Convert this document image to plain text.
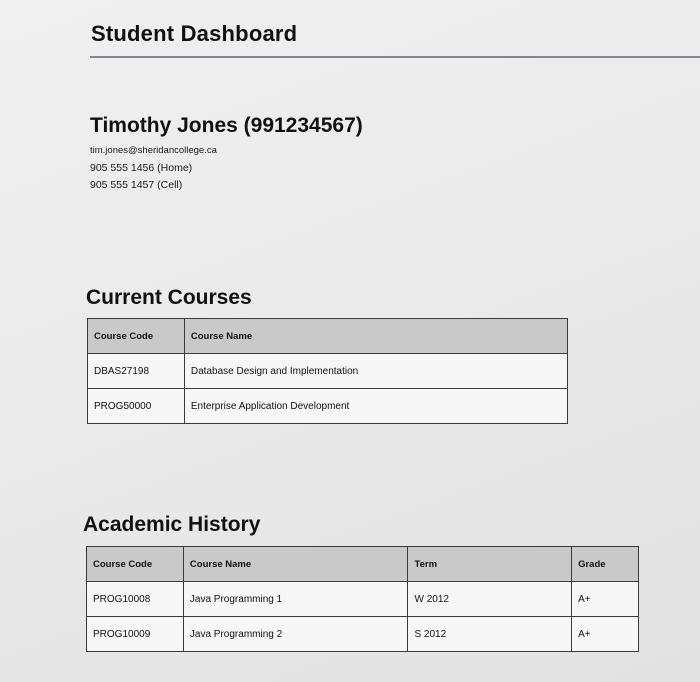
Student Dashboard
Timothy Jones (991234567)
tim.jones@sheridancollege.ca
905 555 1456 (Home)
905 555 1457 (Cell)
Current Courses
Course Code	Course Name
DBAS27198	Database Design and Implementation
PROG50000	Enterprise Application Development
Academic History
Course Code	Course Name	Term	Grade
PROG10008	Java Programming 1	W 2012	A+
PROG10009	Java Programming 2	S 2012	A+
